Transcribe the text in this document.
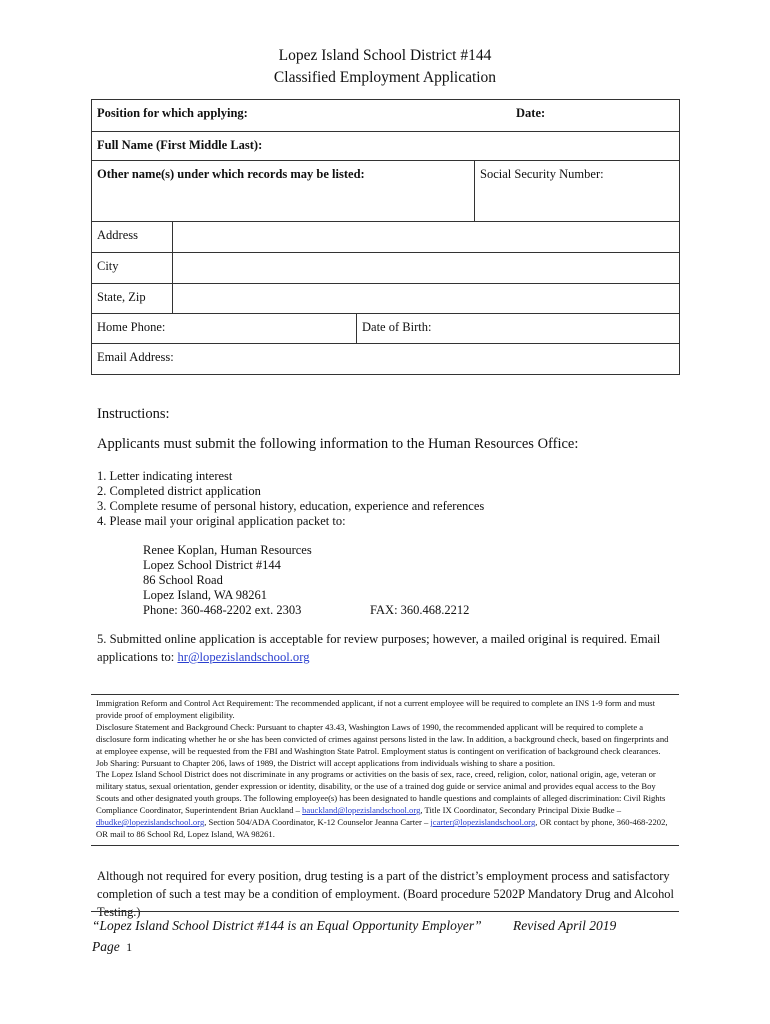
Lopez Island School District #144
Classified Employment Application
Position for which applying: Date:			

Full Name (First Middle Last):			
Other name(s) under which records may be listed:			Social Security Number:
Address			
City			
State, Zip			
Home Phone:		Date of Birth:	
Email Address:			
Instructions:
Applicants must submit the following information to the Human Resources Office:
1. Letter indicating interest
2. Completed district application
3. Complete resume of personal history, education, experience and references
4. Please mail your original application packet to:
Renee Koplan, Human Resources
Lopez School District #144
86 School Road
Lopez Island, WA 98261
Phone: 360-468-2202 ext. 2303	FAX: 360.468.2212
5. Submitted online application is acceptable for review purposes; however, a mailed original is required. Email
applications to: hr@lopezislandschool.org

Immigration Reform and Control Act Requirement: The recommended applicant, if not a current employee will be required to complete an INS 1-9 form and must provide proof of employment eligibility.

Disclosure Statement and Background Check: Pursuant to chapter 43.43, Washington Laws of 1990, the recommended applicant will be required to complete a disclosure form indicating whether he or she has been convicted of crimes against persons listed in the law. In addition, a background check, based on fingerprints and at employee expense, will be requested from the FBI and Washington State Patrol. Employment status is contingent on verification of background check clearances.

Job Sharing: Pursuant to Chapter 206, laws of 1989, the District will accept applications from individuals wishing to share a position.

The Lopez Island School District does not discriminate in any programs or activities on the basis of sex, race, creed, religion, color, national origin, age, veteran or military status, sexual orientation, gender expression or identity, disability, or the use of a trained dog guide or service animal and provides equal access to the Boy Scouts and other designated youth groups. The following employee(s) has been designated to handle questions and complaints of alleged discrimination: Civil Rights Compliance Coordinator, Superintendent Brian Auckland – bauckland@lopezislandschool.org, Title IX Coordinator, Secondary Principal Dixie Budke – dbudke@lopezislandschool.org, Section 504/ADA Coordinator, K-12 Counselor Jeanna Carter – jcarter@lopezislandschool.org, OR contact by phone, 360-468-2202, OR mail to 86 School Rd, Lopez Island, WA 98261.

Although not required for every position, drug testing is a part of the district’s employment process and satisfactory completion of such a test may be a condition of employment. (Board procedure 5202P Mandatory Drug and Alcohol Testing.)
“Lopez Island School District #144 is an Equal Opportunity Employer” Revised April 2019
Page 1
